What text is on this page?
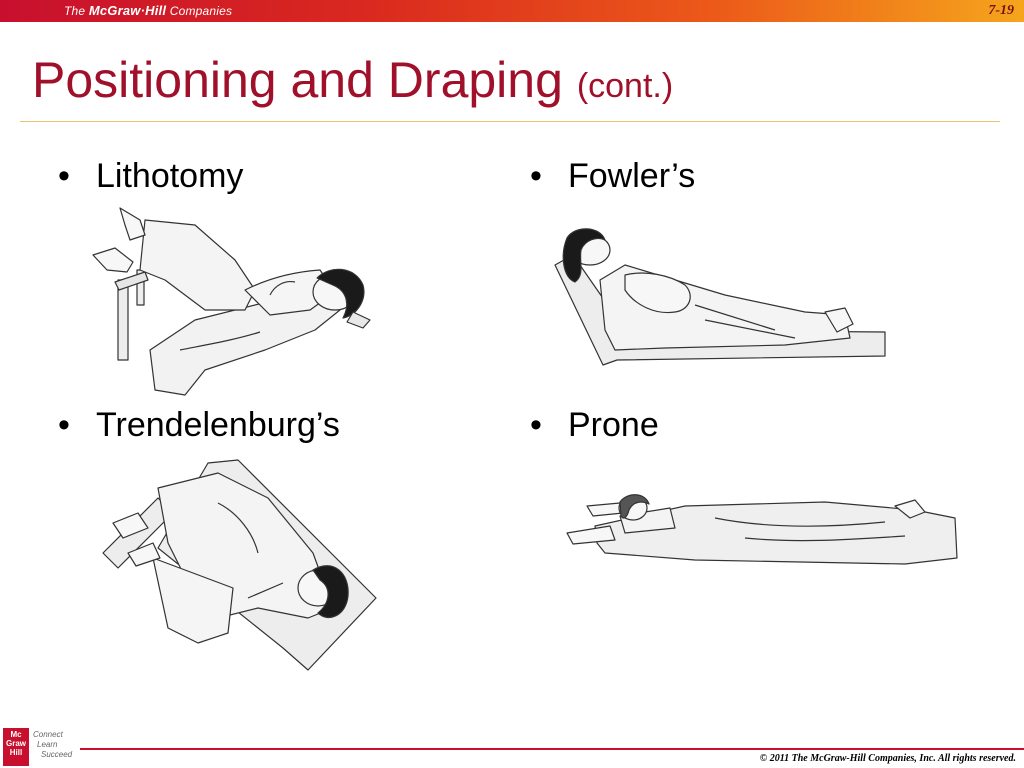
The McGraw·Hill Companies	7-19
Positioning and Draping (cont.)
• Lithotomy	• Fowler’s
• Trendelenburg’s	• Prone
Mc
Graw
Hill
Connect
Learn
Succeed	© 2011 The McGraw-Hill Companies, Inc. All rights reserved.
